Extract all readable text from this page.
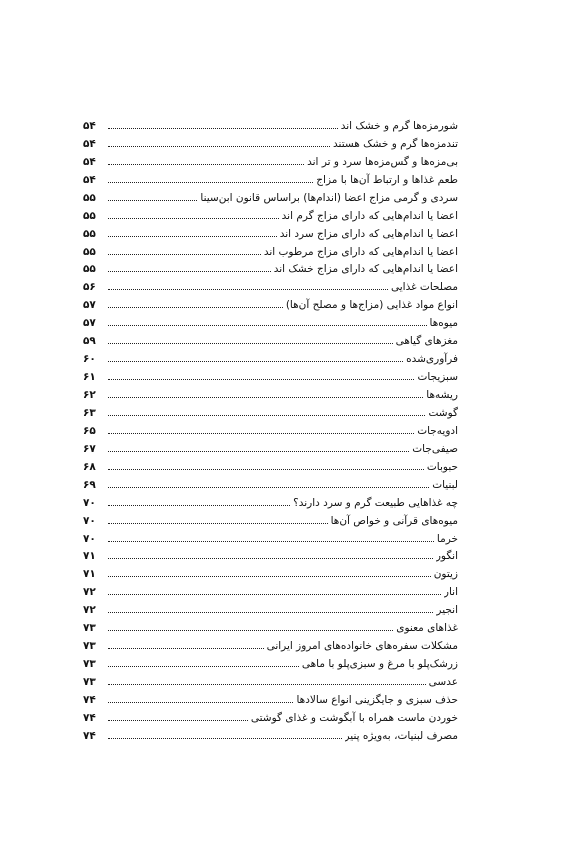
شورمزه‌ها گرم و خشک اند
۵۴
تندمزه‌ها گرم و خشک هستند
۵۴
بی‌مزه‌ها و گس‌مزه‌ها سرد و تر اند
۵۴
طعم غذاها و ارتباط آن‌ها با مزاج
۵۴
سردی و گرمی مزاج اعضا (اندام‌ها) براساس قانون ابن‌سینا
۵۵
اعضا یا اندام‌هایی که دارای مزاج گرم اند
۵۵
اعضا یا اندام‌هایی که دارای مزاج سرد اند
۵۵
اعضا یا اندام‌هایی که دارای مزاج مرطوب اند
۵۵
اعضا یا اندام‌هایی که دارای مزاج خشک اند
۵۵
مصلحات غذایی
۵۶
انواع مواد غذایی (مزاج‌ها و مصلح آن‌ها)
۵۷
میوه‌ها
۵۷
مغزهای گیاهی
۵۹
فرآوری‌شده
۶۰
سبزیجات
۶۱
ریشه‌ها
۶۲
گوشت
۶۳
ادویه‌جات
۶۵
صیفی‌جات
۶۷
حبوبات
۶۸
لبنیات
۶۹
چه غذاهایی طبیعت گرم و سرد دارند؟
۷۰
میوه‌های قرآنی و خواص آن‌ها
۷۰
خرما
۷۰
انگور
۷۱
زیتون
۷۱
انار
۷۲
انجیر
۷۲
غذاهای معنوی
۷۳
مشکلات سفره‌های خانواده‌های امروز ایرانی
۷۳
زرشک‌پلو با مرغ و سبزی‌پلو با ماهی
۷۳
عدسی
۷۳
حذف سبزی و جایگزینی انواع سالادها
۷۴
خوردن ماست همراه با آبگوشت و غذای گوشتی
۷۴
مصرف لبنیات، به‌ویژه پنیر
۷۴
